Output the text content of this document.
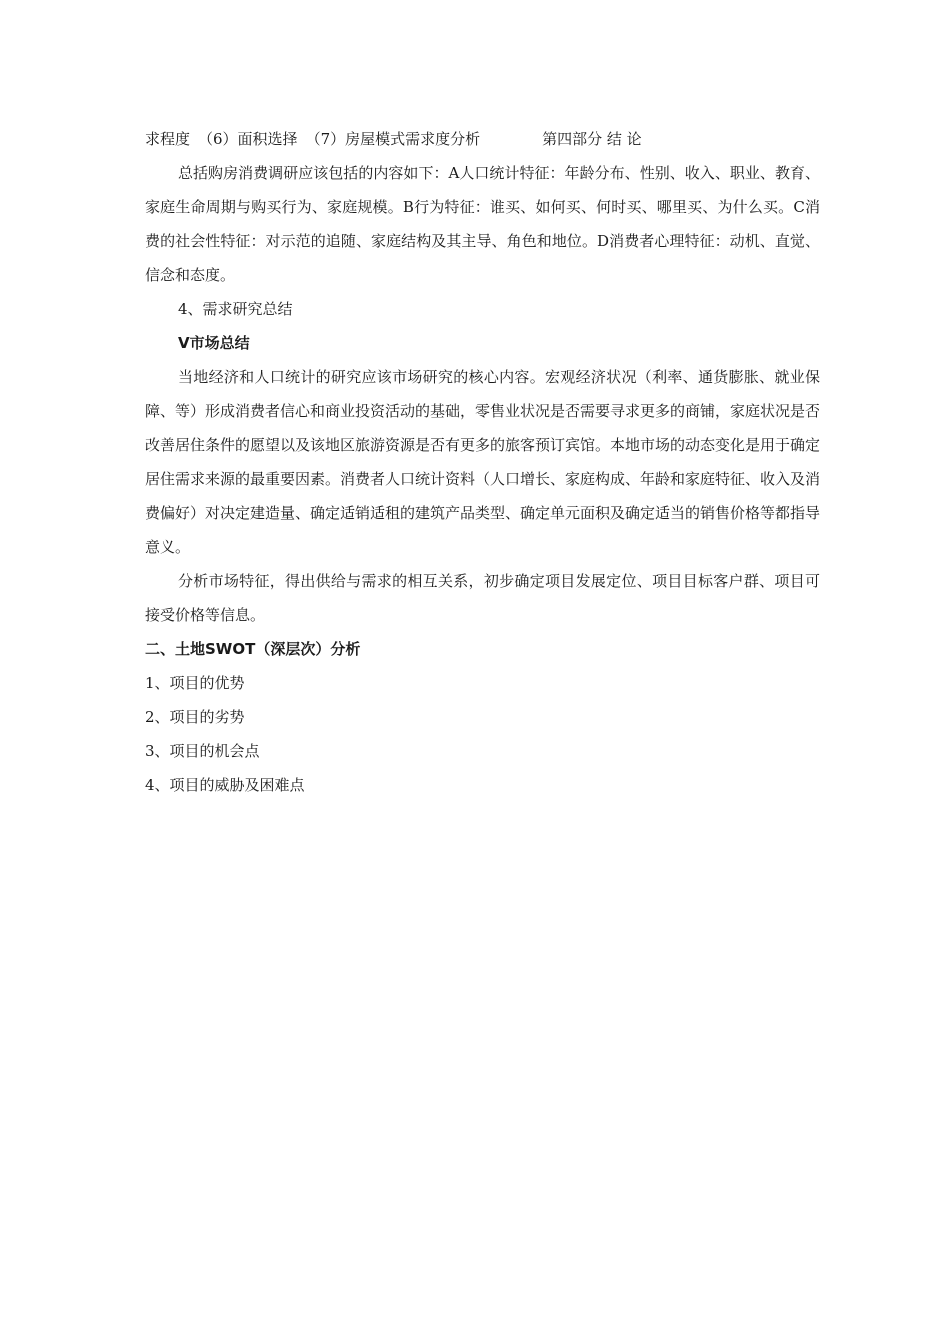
求程度 （6）面积选择 （7）房屋模式需求度分析	第四部分 结 论

总括购房消费调研应该包括的内容如下：A人口统计特征：年龄分布、性别、收入、职业、教育、家庭生命周期与购买行为、家庭规模。B行为特征：谁买、如何买、何时买、哪里买、为什么买。C消费的社会性特征：对示范的追随、家庭结构及其主导、角色和地位。D消费者心理特征：动机、直觉、信念和态度。

4、需求研究总结
V市场总结

当地经济和人口统计的研究应该市场研究的核心内容。宏观经济状况（利率、通货膨胀、就业保障、等）形成消费者信心和商业投资活动的基础，零售业状况是否需要寻求更多的商铺，家庭状况是否改善居住条件的愿望以及该地区旅游资源是否有更多的旅客预订宾馆。本地市场的动态变化是用于确定居住需求来源的最重要因素。消费者人口统计资料（人口增长、家庭构成、年龄和家庭特征、收入及消费偏好）对决定建造量、确定适销适租的建筑产品类型、确定单元面积及确定适当的销售价格等都指导意义。

分析市场特征，得出供给与需求的相互关系，初步确定项目发展定位、项目目标客户群、项目可接受价格等信息。

二、土地SWOT（深层次）分析
1、项目的优势
2、项目的劣势
3、项目的机会点
4、项目的威胁及困难点
